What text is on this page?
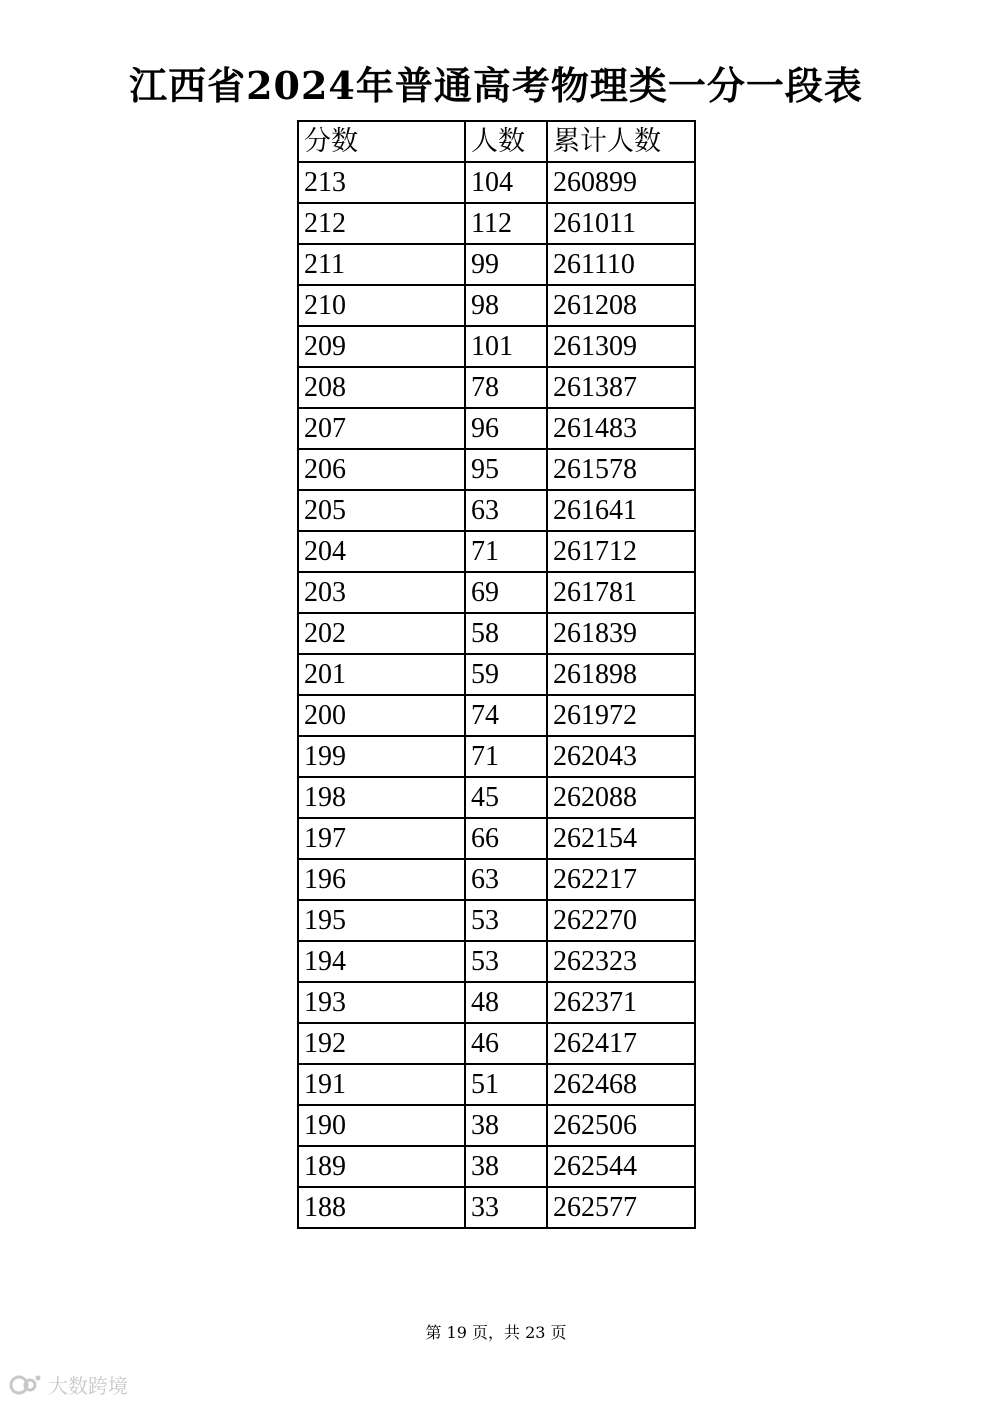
江西省2024年普通高考物理类一分一段表
分数	人数	累计人数
213	104	260899
212	112	261011
211	99	261110
210	98	261208
209	101	261309
208	78	261387
207	96	261483
206	95	261578
205	63	261641
204	71	261712
203	69	261781
202	58	261839
201	59	261898
200	74	261972
199	71	262043
198	45	262088
197	66	262154
196	63	262217
195	53	262270
194	53	262323
193	48	262371
192	46	262417
191	51	262468
190	38	262506
189	38	262544
188	33	262577
第 19 页，共 23 页
大数跨境
